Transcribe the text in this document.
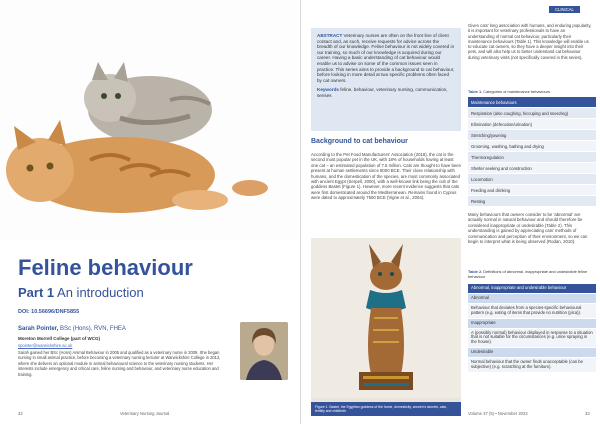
Feline behaviour
Part 1 An introduction
DOI: 10.56696/DNF5855
Sarah Pointer, BSc (Hons), RVN, FHEA
Moreton Morrell College (part of WCG)
spointer@warwickshire.ac.uk

Sarah gained her BSc (Hons) Animal Behaviour in 2005 and qualified as a veterinary nurse in 2009. She began nursing in small animal practice, before becoming a veterinary nursing lecturer at Warwickshire College in 2013, where she delivers an optional module in animal behavioural science to the veterinary nursing students. Her interests include emergency and critical care, feline nursing and behaviour, and veterinary nurse education and training.

32	Veterinary Nursing Journal
CLINICAL

ABSTRACT Veterinary nurses are often on the front line of client contact and, as such, receive requests for advice across the breadth of our knowledge. Feline behaviour is not widely covered in our training, so much of our knowledge is acquired during our career. Having a basic understanding of cat behaviour would enable us to advise on some of the common issues seen in practice. This series aims to provide a background to cat behaviour, before looking in more detail at two specific problems often faced by cat owners.

Keywords feline, behaviour, veterinary nursing, communication, senses

Background to cat behaviour

According to the Pet Food Manufacturers' Association (2018), the cat is the second most popular pet in the UK, with 18% of households having at least one cat – an estimated population of 7.5 million. Cats are thought to have been present at human settlements since 8000 BCE. Their close relationship with humans, and the domestication of the species, are most commonly associated with ancient Egypt (Serpell, 2000), with a well-known link being the cult of the goddess Bastet (Figure 1). However, more recent evidence suggests that cats were first domesticated around the Mediterranean. Remains found in Cyprus were dated to approximately 7500 BCE (Vigne et al., 2004).

Figure 1. Bastet, the Egyptian goddess of the home, domesticity, women's secrets, cats, fertility and childbirth

Given cats' long association with humans, and enduring popularity, it is important for veterinary professionals to have an understanding of normal cat behaviour, particularly their maintenance behaviours (Table 1). This knowledge will enable us to educate cat owners, so they have a deeper insight into their pets, and will also help us to better understand cat behaviour during veterinary visits (not specifically covered in this series).

Table 1. Categories of maintenance behaviours
Maintenance behaviours
Respiration (also coughing, hiccuping and sneezing)
Elimination (defecation/urination)
Stretching/yawning
Grooming, washing, bathing and drying
Thermoregulation
Shelter seeking and construction
Locomotion
Feeding and drinking
Resting

Many behaviours that owners consider to be 'abnormal' are actually normal in natural behaviour and should therefore be considered inappropriate or undesirable (Table 2). This understanding is gained by appreciating cats' methods of communication and perception of their environment, so we can begin to interpret what is being observed (Rodan, 2010).

Table 2. Definitions of abnormal, inappropriate and undesirable feline behaviour
Abnormal, inappropriate and undesirable behaviour
Abnormal
Behaviour that deviates from a species-specific behavioural pattern (e.g. eating of items that provide no nutrition (pica)).
Inappropriate
A (possibly normal) behaviour displayed in response to a situation that is not suitable for the circumstances (e.g. urine spraying in the house).
Undesirable
Normal behaviour that the owner finds unacceptable (can be subjective) (e.g. scratching at the furniture).
Volume 37 (5) • November 2022	33
